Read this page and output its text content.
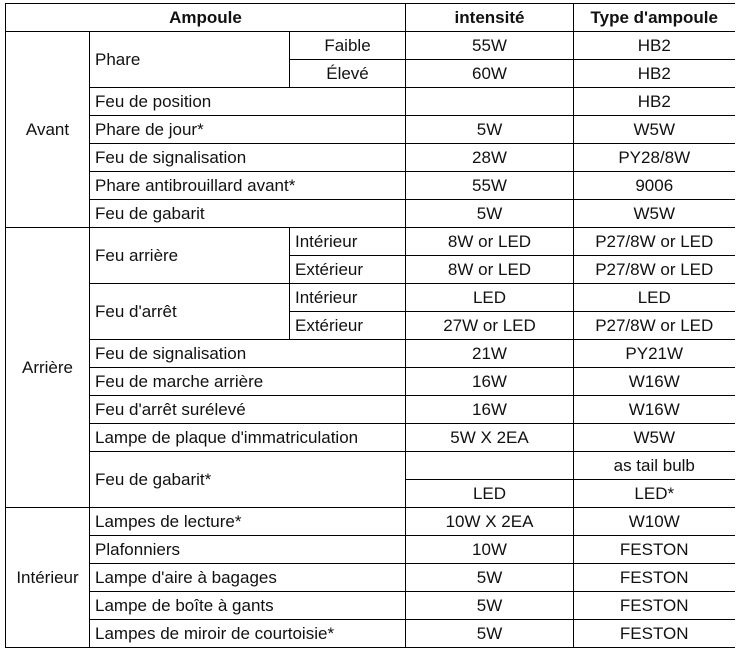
Ampoule			intensité	Type d'ampoule
Avant	Phare	Faible	55W	HB2
		Élevé	60W	HB2
	Feu de position			HB2
	Phare de jour*		5W	W5W
	Feu de signalisation		28W	PY28/8W
	Phare antibrouillard avant*		55W	9006
	Feu de gabarit		5W	W5W
Arrière	Feu arrière	Intérieur	8W or LED	P27/8W or LED
		Extérieur	8W or LED	P27/8W or LED
	Feu d'arrêt	Intérieur	LED	LED
		Extérieur	27W or LED	P27/8W or LED
	Feu de signalisation		21W	PY21W
	Feu de marche arrière		16W	W16W
	Feu d'arrêt surélevé		16W	W16W
	Lampe de plaque d'immatriculation		5W X 2EA	W5W
	Feu de gabarit*			as tail bulb
			LED	LED*
Intérieur	Lampes de lecture*		10W X 2EA	W10W
	Plafonniers		10W	FESTON
	Lampe d'aire à bagages		5W	FESTON
	Lampe de boîte à gants		5W	FESTON
	Lampes de miroir de courtoisie*		5W	FESTON
